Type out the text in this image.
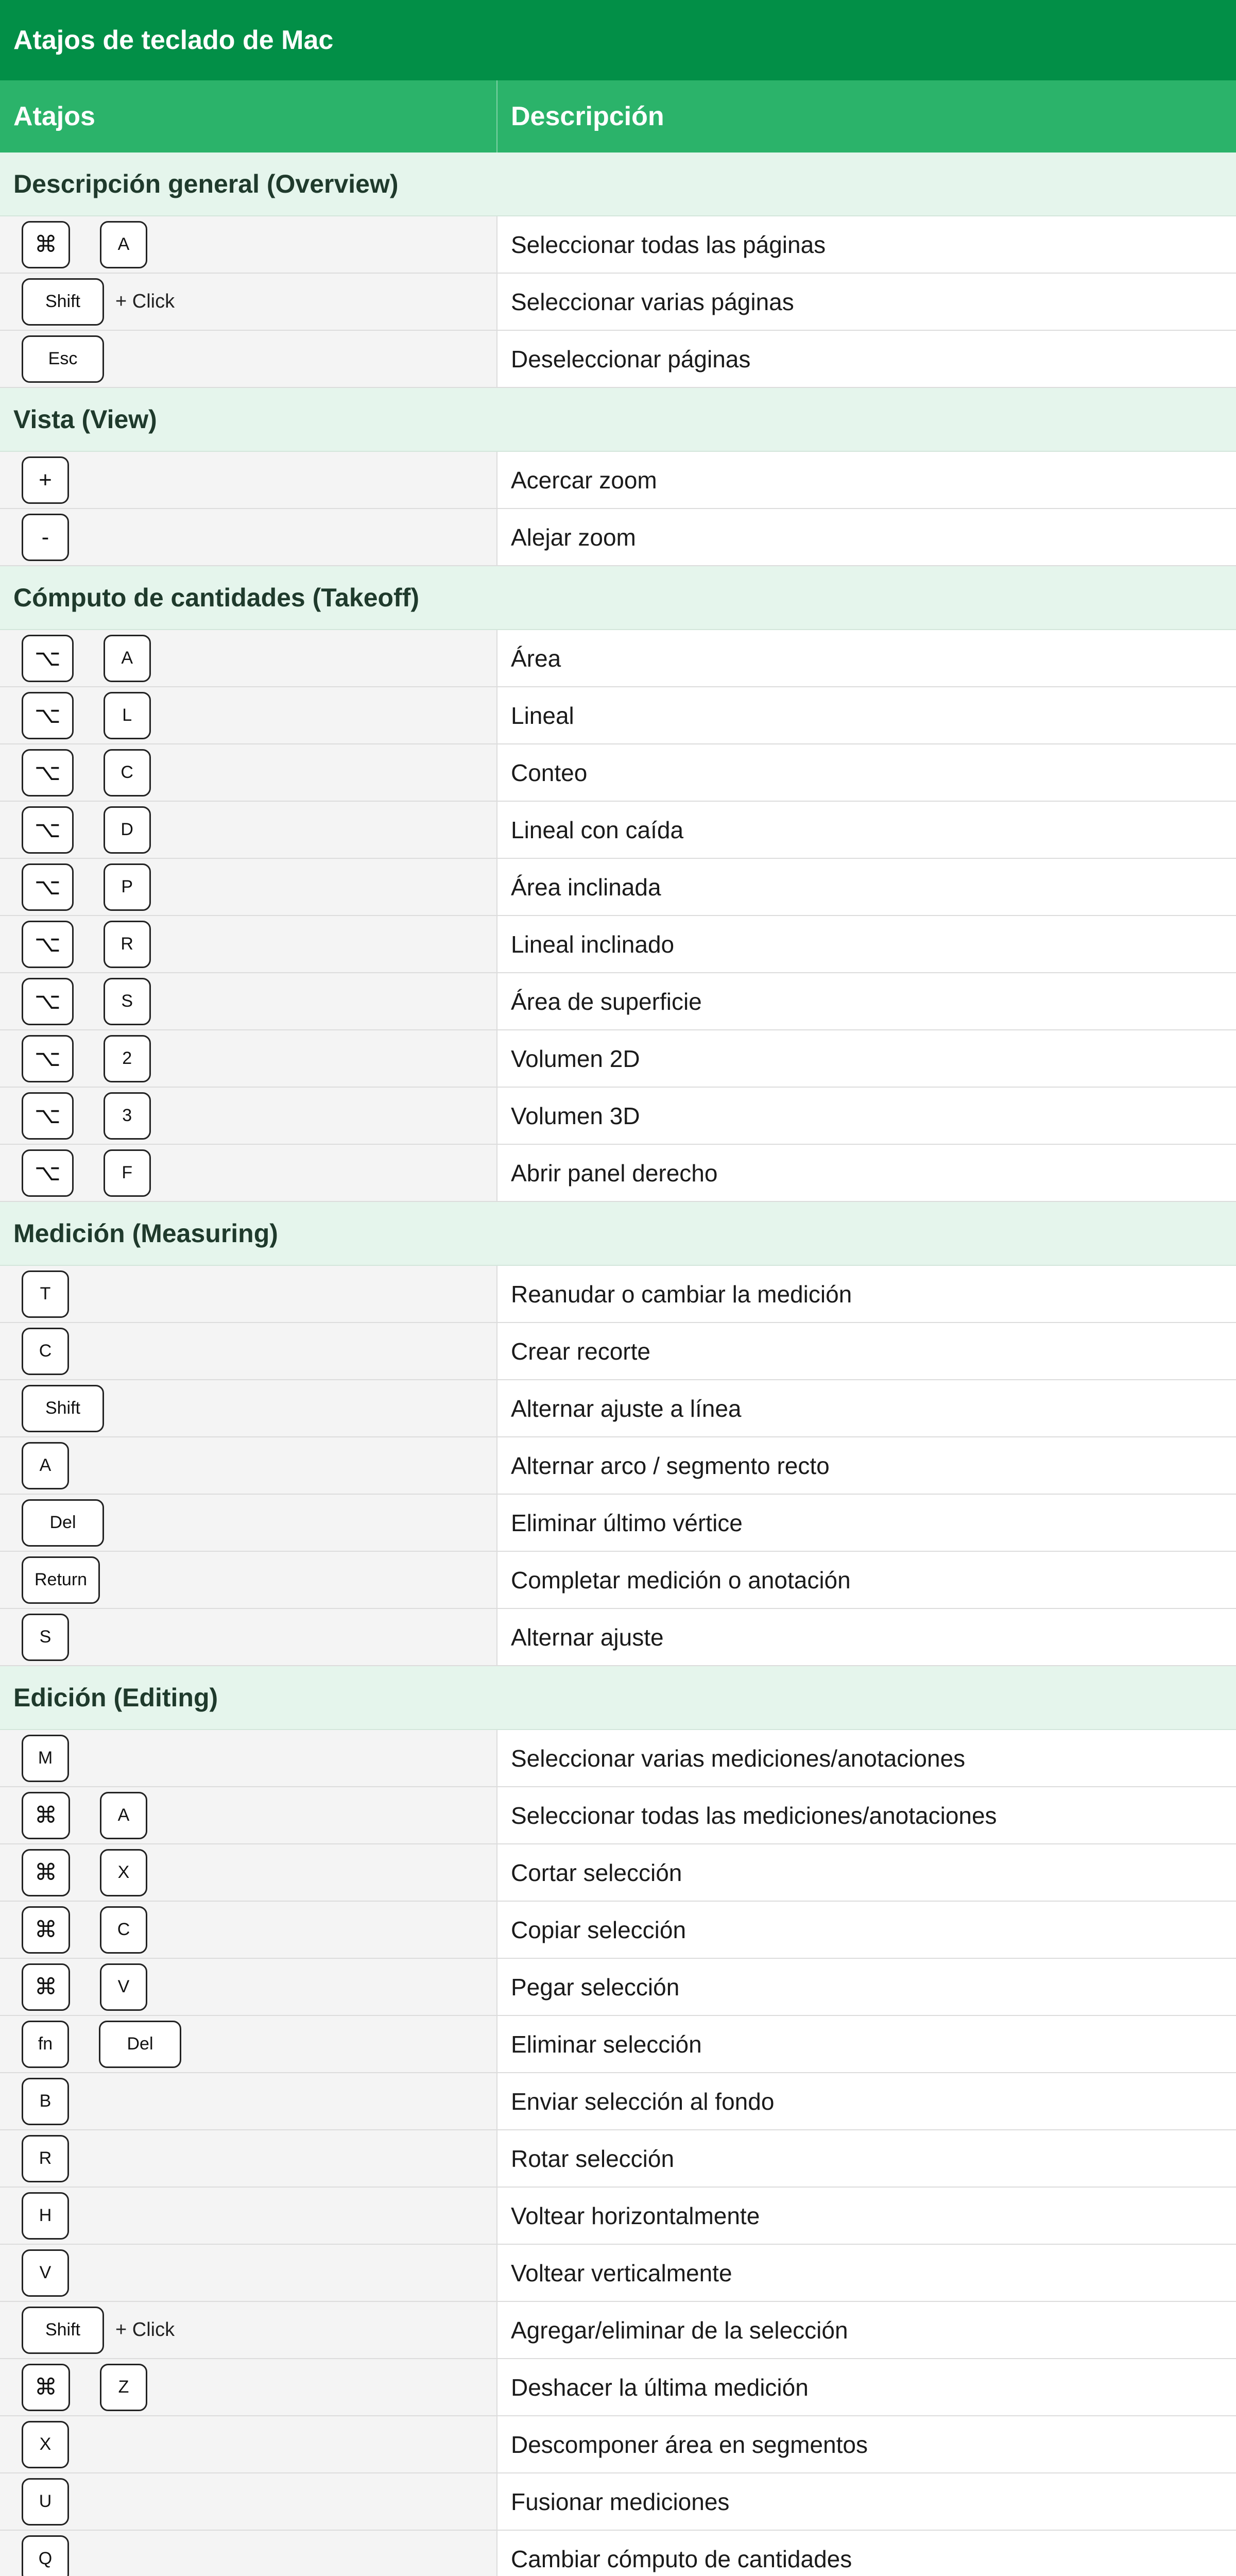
Atajos de teclado de Mac
Atajos	Descripción
Descripción general (Overview)
⌘	A	Seleccionar todas las páginas
Shift	+ Click	Seleccionar varias páginas
Esc	Deseleccionar páginas
Vista (View)
+	Acercar zoom
-	Alejar zoom
Cómputo de cantidades (Takeoff)
⌥	A	Área
⌥	L	Lineal
⌥	C	Conteo
⌥	D	Lineal con caída
⌥	P	Área inclinada
⌥	R	Lineal inclinado
⌥	S	Área de superficie
⌥	2	Volumen 2D
⌥	3	Volumen 3D
⌥	F	Abrir panel derecho
Medición (Measuring)
T	Reanudar o cambiar la medición
C	Crear recorte
Shift	Alternar ajuste a línea
A	Alternar arco / segmento recto
Del	Eliminar último vértice
Return	Completar medición o anotación
S	Alternar ajuste
Edición (Editing)
M	Seleccionar varias mediciones/anotaciones
⌘	A	Seleccionar todas las mediciones/anotaciones
⌘	X	Cortar selección
⌘	C	Copiar selección
⌘	V	Pegar selección
fn	Del	Eliminar selección
B	Enviar selección al fondo
R	Rotar selección
H	Voltear horizontalmente
V	Voltear verticalmente
Shift	+ Click	Agregar/eliminar de la selección
⌘	Z	Deshacer la última medición
X	Descomponer área en segmentos
U	Fusionar mediciones
Q	Cambiar cómputo de cantidades
